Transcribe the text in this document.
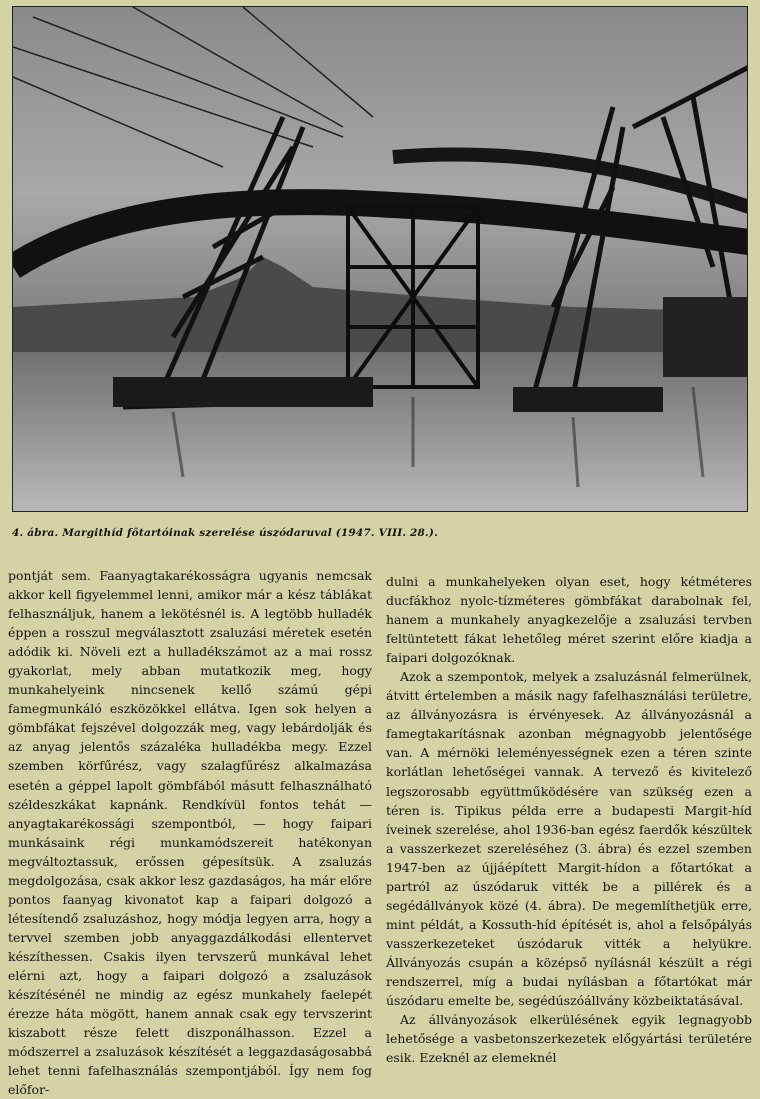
4. ábra. Margithíd főtartóinak szerelése úszódaruval (1947. VIII. 28.).

pontját sem. Faanyagtakarékosságra ugyanis nemcsak akkor kell figyelemmel lenni, amikor már a kész táblákat felhasználjuk, hanem a lekötésnél is. A legtöbb hulladék éppen a rosszul megválasztott zsaluzási méretek esetén adódik ki. Növeli ezt a hulladékszámot az a mai rossz gyakorlat, mely abban mutatkozik meg, hogy munkahelyeink nincsenek kellő számú gépi famegmunkáló eszközökkel ellátva. Igen sok helyen a gömbfákat fejszével dolgozzák meg, vagy lebárdolják és az anyag jelentős százaléka hulladékba megy. Ezzel szemben körfűrész, vagy szalagfűrész alkalmazása esetén a géppel lapolt gömbfából másutt felhasználható széldeszkákat kapnánk. Rendkívül fontos tehát — anyagtakarékossági szempontból, — hogy faipari munkásaink régi munkamódszereit hatékonyan megváltoztassuk, erőssen gépesítsük. A zsaluzás megdolgozása, csak akkor lesz gazdaságos, ha már előre pontos faanyag kivonatot kap a faipari dolgozó a létesítendő zsaluzáshoz, hogy módja legyen arra, hogy a tervvel szemben jobb anyaggazdálkodási ellentervet készíthessen. Csakis ilyen tervszerű munkával lehet elérni azt, hogy a faipari dolgozó a zsaluzások készítésénél ne mindig az egész munkahely faelepét érezze háta mögött, hanem annak csak egy tervszerint kiszabott része felett diszponálhasson. Ezzel a módszerrel a zsaluzások készítését a leggazdaságosabbá lehet tenni fafelhasználás szempontjából. Így nem fog előfor-

dulni a munkahelyeken olyan eset, hogy kétméteres ducfákhoz nyolc-tízméteres gömbfákat darabolnak fel, hanem a munkahely anyagkezelője a zsaluzási tervben feltüntetett fákat lehetőleg méret szerint előre kiadja a faipari dolgozóknak.

Azok a szempontok, melyek a zsaluzásnál felmerülnek, átvitt értelemben a másik nagy fafelhasználási területre, az állványozásra is érvényesek. Az állványozásnál a famegtakarításnak azonban mégnagyobb jelentősége van. A mérnöki leleményességnek ezen a téren szinte korlátlan lehetőségei vannak. A tervező és kivitelező legszorosabb együttműködésére van szükség ezen a téren is. Tipikus példa erre a budapesti Margit-híd íveinek szerelése, ahol 1936-ban egész faerdők készültek a vasszerkezet szereléséhez (3. ábra) és ezzel szemben 1947-ben az újjáépített Margit-hídon a főtartókat a partról az úszódaruk vitték be a pillérek és a segédállványok közé (4. ábra). De megemlíthetjük erre, mint példát, a Kossuth-híd építését is, ahol a felsőpályás vasszerkezeteket úszódaruk vitték a helyükre. Állványozás csupán a középső nyílásnál készült a régi rendszerrel, míg a budai nyílásban a főtartókat már úszódaru emelte be, segédúszóállvány közbeiktatásával.

Az állványozások elkerülésének egyik legnagyobb lehetősége a vasbetonszerkezetek előgyártási területére esik. Ezeknél az elemeknél
